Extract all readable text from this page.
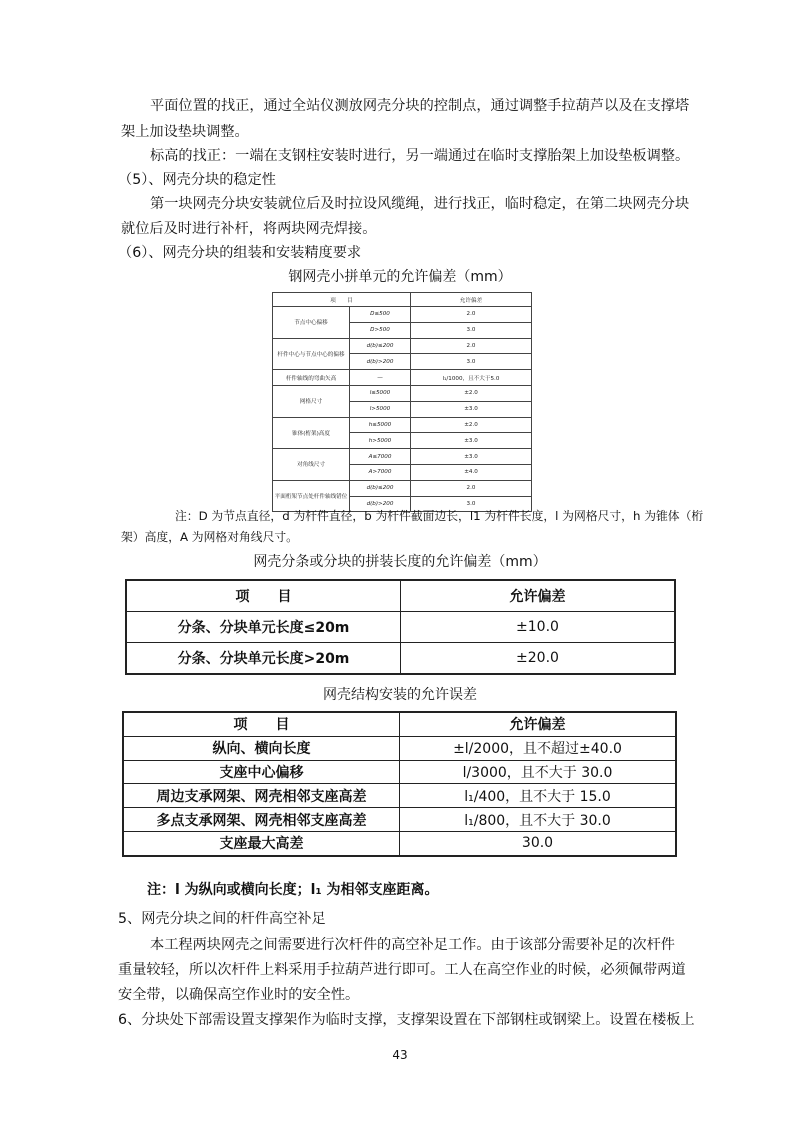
平面位置的找正，通过全站仪测放网壳分块的控制点，通过调整手拉葫芦以及在支撑塔
架上加设垫块调整。
标高的找正：一端在支钢柱安装时进行，另一端通过在临时支撑胎架上加设垫板调整。
（5）、网壳分块的稳定性
第一块网壳分块安装就位后及时拉设风缆绳，进行找正，临时稳定，在第二块网壳分块
就位后及时进行补杆，将两块网壳焊接。
（6）、网壳分块的组装和安装精度要求
钢网壳小拼单元的允许偏差（mm）
项　　目		允许偏差
节点中心偏移	D≤500	2.0
	D>500	3.0
杆件中心与节点中心的偏移	d(b)≤200	2.0
	d(b)>200	3.0
杆件轴线的弯曲矢高	—	l₁/1000，且不大于5.0
网格尺寸	l≤5000	±2.0
	l>5000	±3.0
锥体(桁架)高度	h≤5000	±2.0
	h>5000	±3.0
对角线尺寸	A≤7000	±3.0
	A>7000	±4.0
平面桁架节点处杆件轴线错位	d(b)≤200	2.0
	d(b)>200	3.0
注：D 为节点直径，d 为杆件直径，b 为杆件截面边长，l1 为杆件长度，l 为网格尺寸，h 为锥体（桁
架）高度，A 为网格对角线尺寸。
网壳分条或分块的拼装长度的允许偏差（mm）
项　　目	允许偏差
分条、分块单元长度≤20m	±10.0
分条、分块单元长度>20m	±20.0
网壳结构安装的允许误差
项　　目	允许偏差
纵向、横向长度	±l/2000，且不超过±40.0
支座中心偏移	l/3000，且不大于 30.0
周边支承网架、网壳相邻支座高差	l₁/400，且不大于 15.0
多点支承网架、网壳相邻支座高差	l₁/800，且不大于 30.0
支座最大高差	30.0
注：l 为纵向或横向长度；l₁ 为相邻支座距离。
5、网壳分块之间的杆件高空补足
本工程两块网壳之间需要进行次杆件的高空补足工作。由于该部分需要补足的次杆件
重量较轻，所以次杆件上料采用手拉葫芦进行即可。工人在高空作业的时候，必须佩带两道
安全带，以确保高空作业时的安全性。
6、分块处下部需设置支撑架作为临时支撑，支撑架设置在下部钢柱或钢梁上。设置在楼板上
43
